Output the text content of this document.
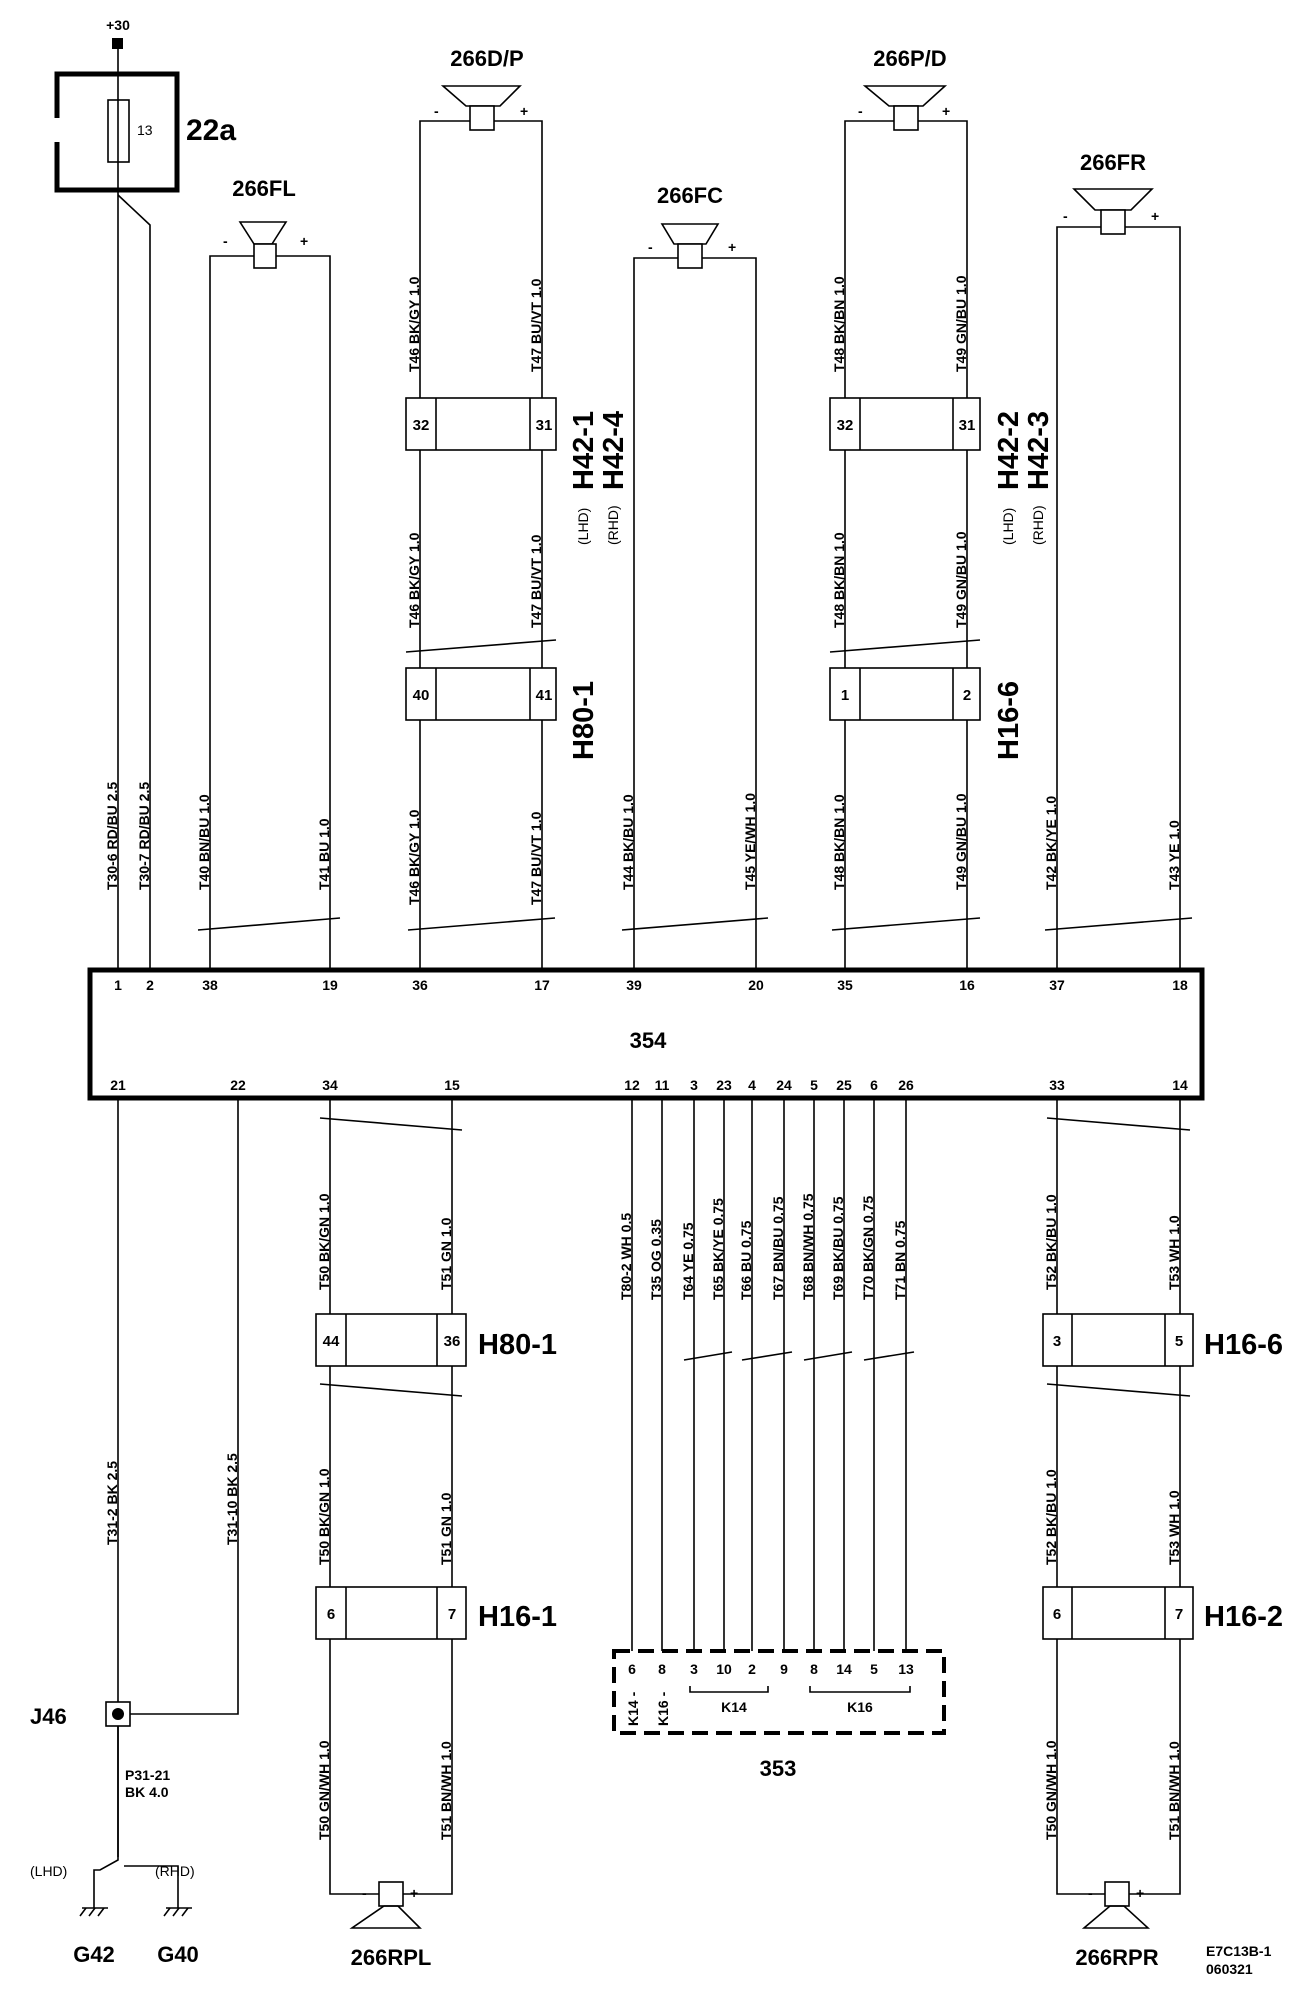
+30
13 22a
266FL
-	+
266D/P
-	+
266FC
-	+
266P/D
-	+
266FR
-	+
32	31	32	31
40	41	1	2
H42-1
H42-4
(LHD) (RHD)
H42-2
H42-3
(LHD) (RHD)
H80-1	H16-6
354
1 2	38	19	36	17	39	20	35	16	37	18
21	22	34	15	12 11 3 23 4 24 5 25 6 26	33	14
T30-6 RD/BU 2.5 T30-7 RD/BU 2.5	T40 BN/BU 1.0	T41 BU 1.0
T46 BK/GY 1.0	T47 BU/VT 1.0
T46 BK/GY 1.0	T47 BU/VT 1.0
T46 BK/GY 1.0	T47 BU/VT 1.0	T44 BK/BU 1.0	T45 YE/WH 1.0
T48 BK/BN 1.0	T49 GN/BU 1.0
T48 BK/BN 1.0	T49 GN/BU 1.0
T48 BK/BN 1.0	T49 GN/BU 1.0	T42 BK/YE 1.0	T43 YE 1.0
44	36 H80-1	3	5 H16-6
6	7 H16-1	6	7 H16-2
6 8 3 10 2 9 8 14 5 13
K14	K16
K14 - K16 -
353
T31-2 BK 2.5	T31-10 BK 2.5
T50 BK/GN 1.0	T51 GN 1.0
T50 BK/GN 1.0	T51 GN 1.0
T50 GN/WH 1.0	T51 BN/WH 1.0
T80-2 WH 0.5 T35 OG 0.35 T64 YE 0.75 T65 BK/YE 0.75 T66 BU 0.75 T67 BN/BU 0.75 T68 BN/WH 0.75 T69 BK/BU 0.75 T70 BK/GN 0.75 T71 BN 0.75	T52 BK/BU 1.0	T53 WH 1.0
T52 BK/BU 1.0	T53 WH 1.0
T50 GN/WH 1.0	T51 BN/WH 1.0
-	+
266RPL
-	+
266RPR
J46
P31-21
BK 4.0
(LHD)	(RHD)
G42 G40	E7C13B-1
060321
